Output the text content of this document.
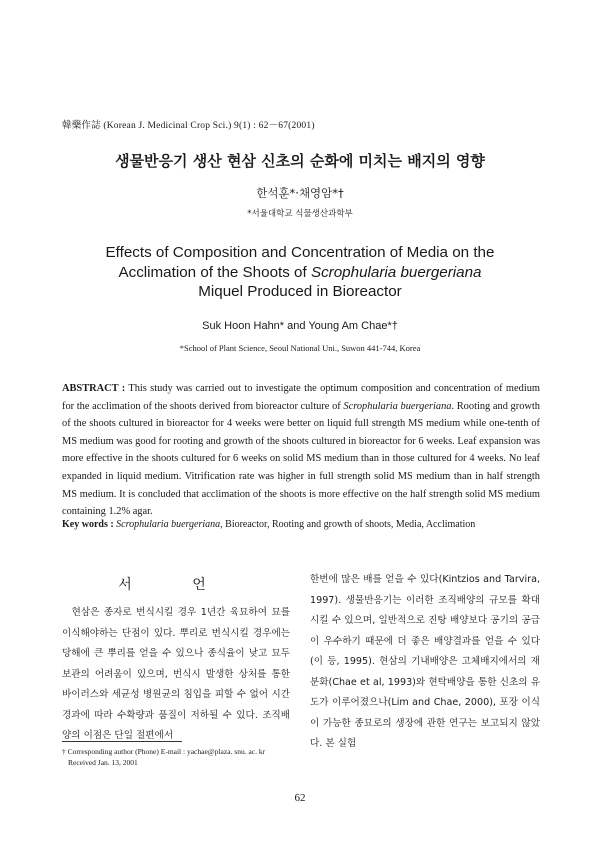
韓藥作誌 (Korean J. Medicinal Crop Sci.) 9(1) : 62－67(2001)
생물반응기 생산 현삼 신초의 순화에 미치는 배지의 영향
한석훈*·채영암*†
*서울대학교 식물생산과학부
Effects of Composition and Concentration of Media on the
Acclimation of the Shoots of Scrophularia buergeriana
Miquel Produced in Bioreactor
Suk Hoon Hahn* and Young Am Chae*†
*School of Plant Science, Seoul National Uni., Suwon 441-744, Korea
ABSTRACT : This study was carried out to investigate the optimum composition and concentration of medium for the acclimation of the shoots derived from bioreactor culture of Scrophularia buergeriana. Rooting and growth of the shoots cultured in bioreactor for 4 weeks were better on liquid full strength MS medium while one-tenth of MS medium was good for rooting and growth of the shoots cultured in bioreactor for 6 weeks. Leaf expansion was more effective in the shoots cultured for 6 weeks on solid MS medium than in those cultured for 4 weeks. No leaf expanded in liquid medium. Vitrification rate was higher in full strength solid MS medium than in half strength MS medium. It is concluded that acclimation of the shoots is more effective on the half strength solid MS medium containing 1.2% agar.
Key words : Scrophularia buergeriana, Bioreactor, Rooting and growth of shoots, Media, Acclimation
서 언
현삼은 종자로 번식시킬 경우 1년간 육묘하여 묘를 이식해야하는 단점이 있다. 뿌리로 번식시킬 경우에는 당해에 큰 뿌리를 얻을 수 있으나 종식율이 낮고 묘두 보관의 어려움이 있으며, 번식시 발생한 상처를 통한 바이러스와 세균성 병원균의 침입을 피할 수 없어 시간 경과에 따라 수확량과 품질이 저하될 수 있다. 조직배양의 이점은 단일 절편에서
한번에 많은 배를 얻을 수 있다(Kintzios and Tarvira, 1997). 생물반응기는 이러한 조직배양의 규모를 확대시킬 수 있으며, 일반적으로 진탕 배양보다 공기의 공급이 우수하기 때문에 더 좋은 배양결과를 얻을 수 있다(이 등, 1995). 현삼의 기내배양은 고체배지에서의 재분화(Chae et al, 1993)와 현탁배양을 통한 신초의 유도가 이루어졌으나(Lim and Chae, 2000), 포장 이식이 가능한 종묘로의 생장에 관한 연구는 보고되지 않았다. 본 실험
† Corresponding author (Phone) E-mail : yachae@plaza. snu. ac. kr
Received Jan. 13, 2001
62
